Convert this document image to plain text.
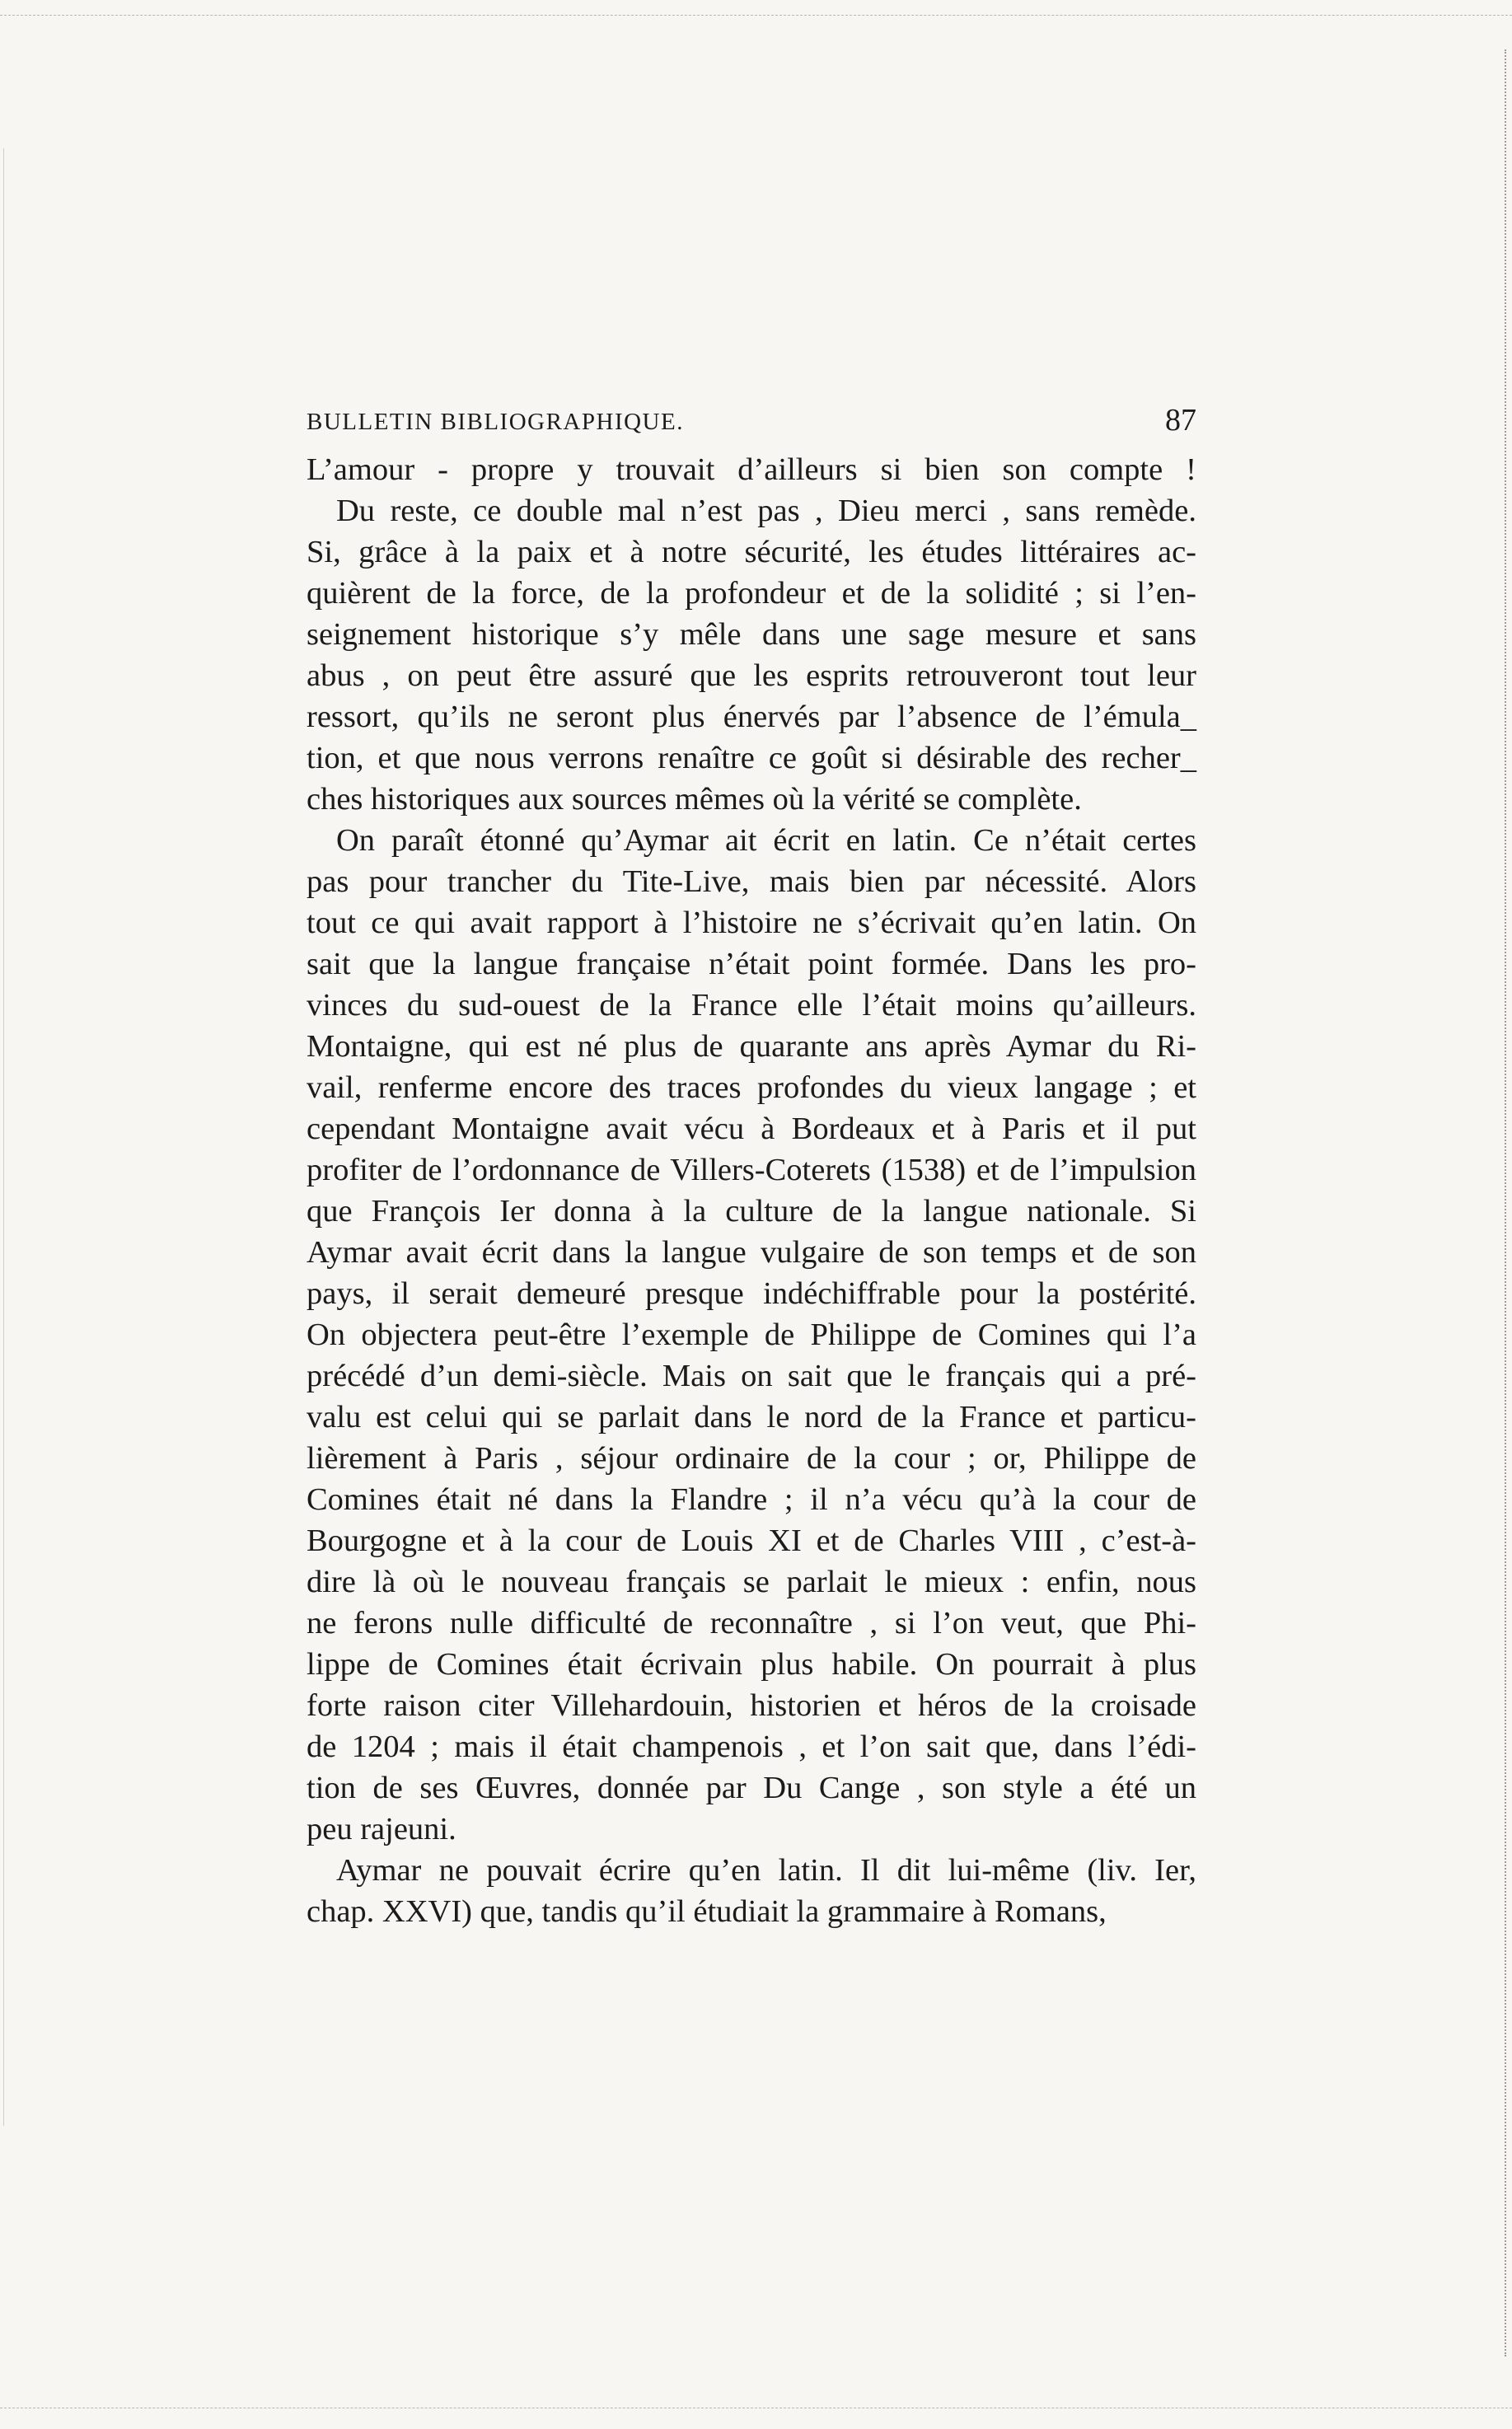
BULLETIN BIBLIOGRAPHIQUE.	87
L’amour - propre y trouvait d’ailleurs si bien son compte !
Du reste, ce double mal n’est pas , Dieu merci , sans remède.
Si, grâce à la paix et à notre sécurité, les études littéraires ac-
quièrent de la force, de la profondeur et de la solidité ; si l’en-
seignement historique s’y mêle dans une sage mesure et sans
abus , on peut être assuré que les esprits retrouveront tout leur
ressort, qu’ils ne seront plus énervés par l’absence de l’émula_
tion, et que nous verrons renaître ce goût si désirable des recher_
ches historiques aux sources mêmes où la vérité se complète.
On paraît étonné qu’Aymar ait écrit en latin. Ce n’était certes
pas pour trancher du Tite-Live, mais bien par nécessité. Alors
tout ce qui avait rapport à l’histoire ne s’écrivait qu’en latin. On
sait que la langue française n’était point formée. Dans les pro-
vinces du sud-ouest de la France elle l’était moins qu’ailleurs.
Montaigne, qui est né plus de quarante ans après Aymar du Ri-
vail, renferme encore des traces profondes du vieux langage ; et
cependant Montaigne avait vécu à Bordeaux et à Paris et il put
profiter de l’ordonnance de Villers-Coterets (1538) et de l’impulsion
que François Ier donna à la culture de la langue nationale. Si
Aymar avait écrit dans la langue vulgaire de son temps et de son
pays, il serait demeuré presque indéchiffrable pour la postérité.
On objectera peut-être l’exemple de Philippe de Comines qui l’a
précédé d’un demi-siècle. Mais on sait que le français qui a pré-
valu est celui qui se parlait dans le nord de la France et particu-
lièrement à Paris , séjour ordinaire de la cour ; or, Philippe de
Comines était né dans la Flandre ; il n’a vécu qu’à la cour de
Bourgogne et à la cour de Louis XI et de Charles VIII , c’est-à-
dire là où le nouveau français se parlait le mieux : enfin, nous
ne ferons nulle difficulté de reconnaître , si l’on veut, que Phi-
lippe de Comines était écrivain plus habile. On pourrait à plus
forte raison citer Villehardouin, historien et héros de la croisade
de 1204 ; mais il était champenois , et l’on sait que, dans l’édi-
tion de ses Œuvres, donnée par Du Cange , son style a été un
peu rajeuni.
Aymar ne pouvait écrire qu’en latin. Il dit lui-même (liv. Ier,
chap. XXVI) que, tandis qu’il étudiait la grammaire à Romans,
